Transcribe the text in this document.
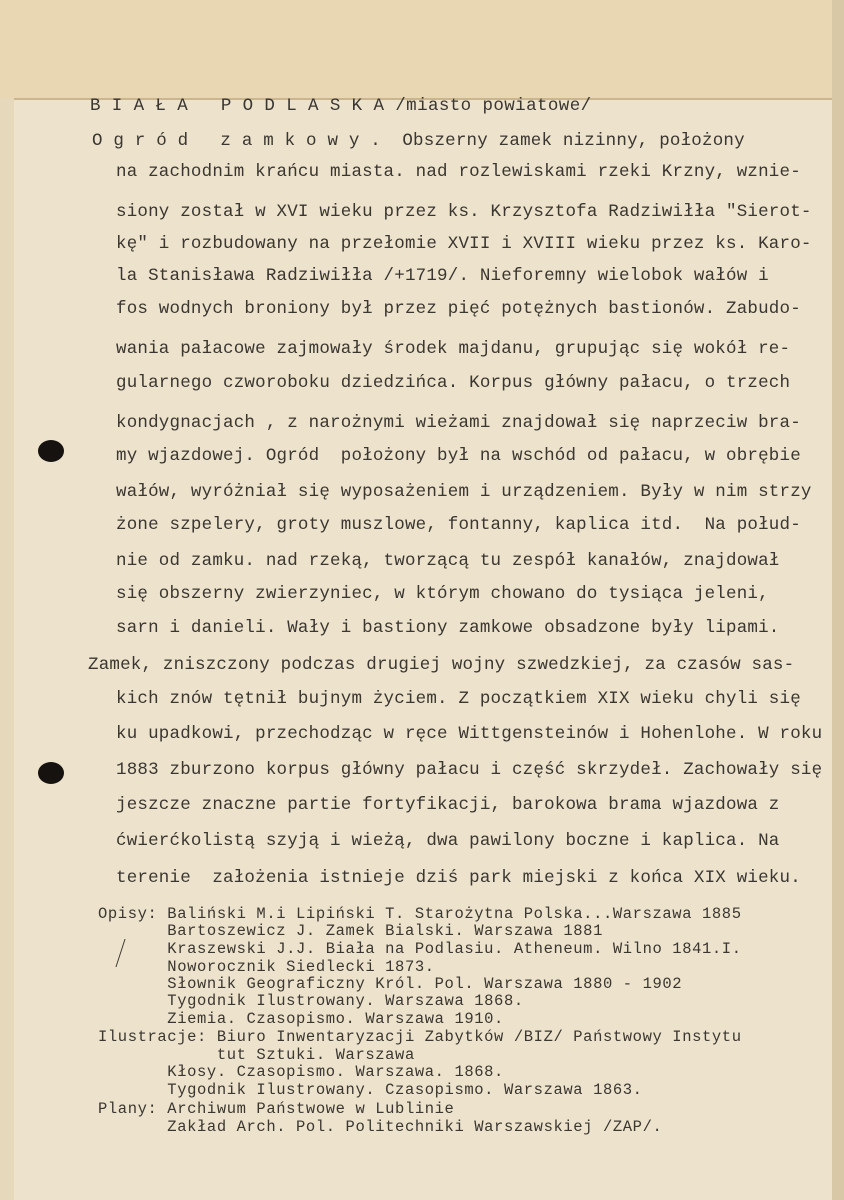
B I A Ł A   P O D L A S K A /miasto powiatowe/
O g r ó d   z a m k o w y .  Obszerny zamek nizinny, położony
na zachodnim krańcu miasta. nad rozlewiskami rzeki Krzny, wznie-
siony został w XVI wieku przez ks. Krzysztofa Radziwiłła "Sierot-
kę" i rozbudowany na przełomie XVII i XVIII wieku przez ks. Karo-
la Stanisława Radziwiłła /+1719/. Nieforemny wielobok wałów i
fos wodnych broniony był przez pięć potężnych bastionów. Zabudo-
wania pałacowe zajmowały środek majdanu, grupując się wokół re-
gularnego czworoboku dziedzińca. Korpus główny pałacu, o trzech
kondygnacjach , z narożnymi wieżami znajdował się naprzeciw bra-
my wjazdowej. Ogród  położony był na wschód od pałacu, w obrębie
wałów, wyróżniał się wyposażeniem i urządzeniem. Były w nim strzy
żone szpelery, groty muszlowe, fontanny, kaplica itd.  Na połud-
nie od zamku. nad rzeką, tworzącą tu zespół kanałów, znajdował
się obszerny zwierzyniec, w którym chowano do tysiąca jeleni,
sarn i danieli. Wały i bastiony zamkowe obsadzone były lipami.
Zamek, zniszczony podczas drugiej wojny szwedzkiej, za czasów sas-
kich znów tętnił bujnym życiem. Z początkiem XIX wieku chyli się
ku upadkowi, przechodząc w ręce Wittgensteinów i Hohenlohe. W roku
1883 zburzono korpus główny pałacu i część skrzydeł. Zachowały się
jeszcze znaczne partie fortyfikacji, barokowa brama wjazdowa z
ćwierćkolistą szyją i wieżą, dwa pawilony boczne i kaplica. Na
terenie  założenia istnieje dziś park miejski z końca XIX wieku.
Opisy: Baliński M.i Lipiński T. Starożytna Polska...Warszawa 1885
Bartoszewicz J. Zamek Bialski. Warszawa 1881
Kraszewski J.J. Biała na Podlasiu. Atheneum. Wilno 1841.I.
Noworocznik Siedlecki 1873.
Słownik Geograficzny Król. Pol. Warszawa 1880 - 1902
Tygodnik Ilustrowany. Warszawa 1868.
Ziemia. Czasopismo. Warszawa 1910.
Ilustracje: Biuro Inwentaryzacji Zabytków /BIZ/ Państwowy Instytu
tut Sztuki. Warszawa
Kłosy. Czasopismo. Warszawa. 1868.
Tygodnik Ilustrowany. Czasopismo. Warszawa 1863.
Plany: Archiwum Państwowe w Lublinie
Zakład Arch. Pol. Politechniki Warszawskiej /ZAP/.
